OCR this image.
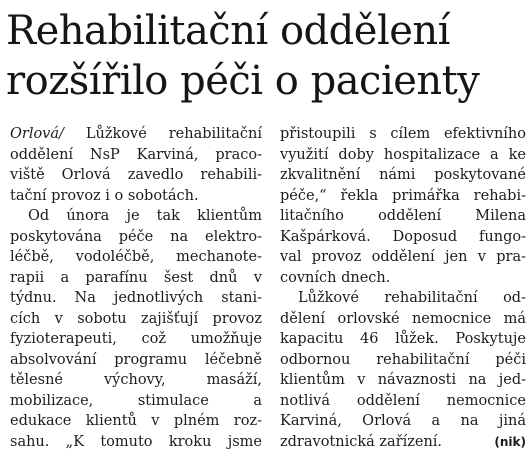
Rehabilitační oddělení
rozšířilo péči o pacienty
Orlová/ Lůžkové rehabilitační
oddělení NsP Karviná, praco-
viště Orlová zavedlo rehabili-
tační provoz i o sobotách.
Od února je tak klientům
poskytována péče na elektro-
léčbě, vodoléčbě, mechanote-
rapii a parafínu šest dnů v
týdnu. Na jednotlivých stani-
cích v sobotu zajišťují provoz
fyzioterapeuti, což umožňuje
absolvování programu léčebně
tělesné výchovy, masáží,
mobilizace, stimulace a
edukace klientů v plném roz-
sahu. „K tomuto kroku jsme
přistoupili s cílem efektivního
využití doby hospitalizace a ke
zkvalitnění námi poskytované
péče,“ řekla primářka rehabi-
litačního oddělení Milena
Kašpárková. Doposud fungo-
val provoz oddělení jen v pra-
covních dnech.
Lůžkové rehabilitační od-
dělení orlovské nemocnice má
kapacitu 46 lůžek. Poskytuje
odbornou rehabilitační péči
klientům v návaznosti na jed-
notlivá oddělení nemocnice
Karviná, Orlová a na jiná
zdravotnická zařízení.	(nik)
